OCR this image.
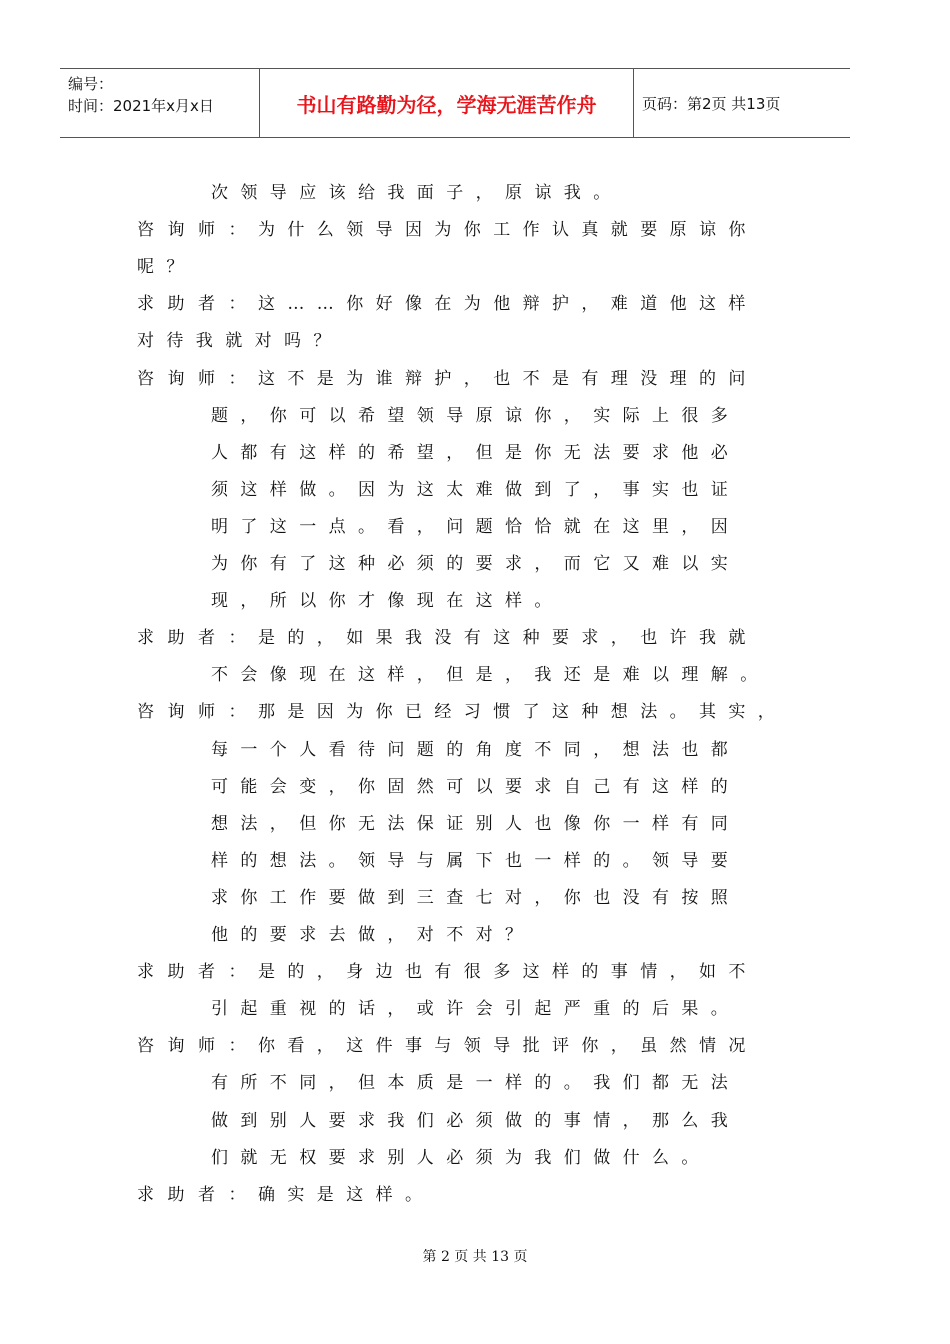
编号：
时间：2021年x月x日	书山有路勤为径，学海无涯苦作舟	页码：第2页 共13页
次领导应该给我面子，原谅我。
咨询师： 为什么领导因为你工作认真就要原谅你
呢？
求助者： 这……你好像在为他辩护，难道他这样
对待我就对吗？
咨询师： 这不是为谁辩护，也不是有理没理的问
题，你可以希望领导原谅你，实际上很多
人都有这样的希望，但是你无法要求他必
须这样做。因为这太难做到了，事实也证
明了这一点。看，问题恰恰就在这里，因
为你有了这种必须的要求，而它又难以实
现，所以你才像现在这样。
求助者： 是的，如果我没有这种要求，也许我就
不会像现在这样，但是，我还是难以理解。
咨询师： 那是因为你已经习惯了这种想法。其实，
每一个人看待问题的角度不同，想法也都
可能会变，你固然可以要求自己有这样的
想法，但你无法保证别人也像你一样有同
样的想法。领导与属下也一样的。领导要
求你工作要做到三查七对，你也没有按照
他的要求去做，对不对？
求助者： 是的，身边也有很多这样的事情，如不
引起重视的话，或许会引起严重的后果。
咨询师： 你看，这件事与领导批评你，虽然情况
有所不同，但本质是一样的。我们都无法
做到别人要求我们必须做的事情，那么我
们就无权要求别人必须为我们做什么。
求助者： 确实是这样。
第 2 页 共 13 页
